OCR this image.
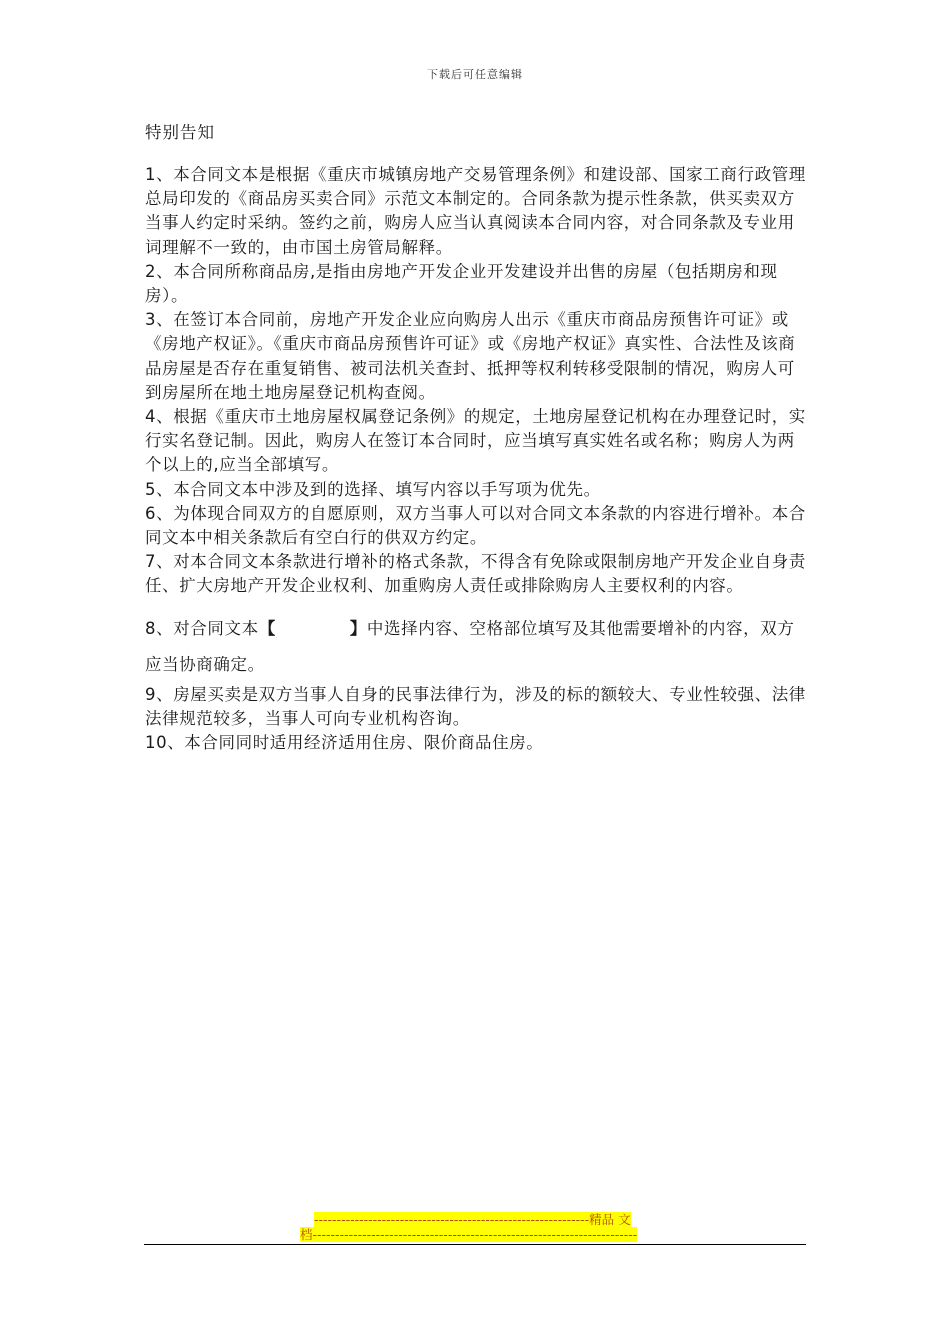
下载后可任意编辑
特别告知

1、本合同文本是根据《重庆市城镇房地产交易管理条例》和建设部、国家工商行政管理总局印发的《商品房买卖合同》示范文本制定的。合同条款为提示性条款，供买卖双方当事人约定时采纳。签约之前，购房人应当认真阅读本合同内容，对合同条款及专业用词理解不一致的，由市国土房管局解释。

2、本合同所称商品房,是指由房地产开发企业开发建设并出售的房屋（包括期房和现房）。

3、在签订本合同前，房地产开发企业应向购房人出示《重庆市商品房预售许可证》或《房地产权证》。《重庆市商品房预售许可证》或《房地产权证》真实性、合法性及该商品房屋是否存在重复销售、被司法机关查封、抵押等权利转移受限制的情况，购房人可到房屋所在地土地房屋登记机构查阅。

4、根据《重庆市土地房屋权属登记条例》的规定，土地房屋登记机构在办理登记时，实行实名登记制。因此，购房人在签订本合同时，应当填写真实姓名或名称；购房人为两个以上的,应当全部填写。

5、本合同文本中涉及到的选择、填写内容以手写项为优先。

6、为体现合同双方的自愿原则，双方当事人可以对合同文本条款的内容进行增补。本合同文本中相关条款后有空白行的供双方约定。

7、对本合同文本条款进行增补的格式条款，不得含有免除或限制房地产开发企业自身责任、扩大房地产开发企业权利、加重购房人责任或排除购房人主要权利的内容。

8、对合同文本【	】中选择内容、空格部位填写及其他需要增补的内容，双方应当协商确定。

9、房屋买卖是双方当事人自身的民事法律行为，涉及的标的额较大、专业性较强、法律法律规范较多，当事人可向专业机构咨询。

10、本合同同时适用经济适用住房、限价商品住房。

-------------------------------------------------------------精品 文
档------------------------------------------------------------------------
